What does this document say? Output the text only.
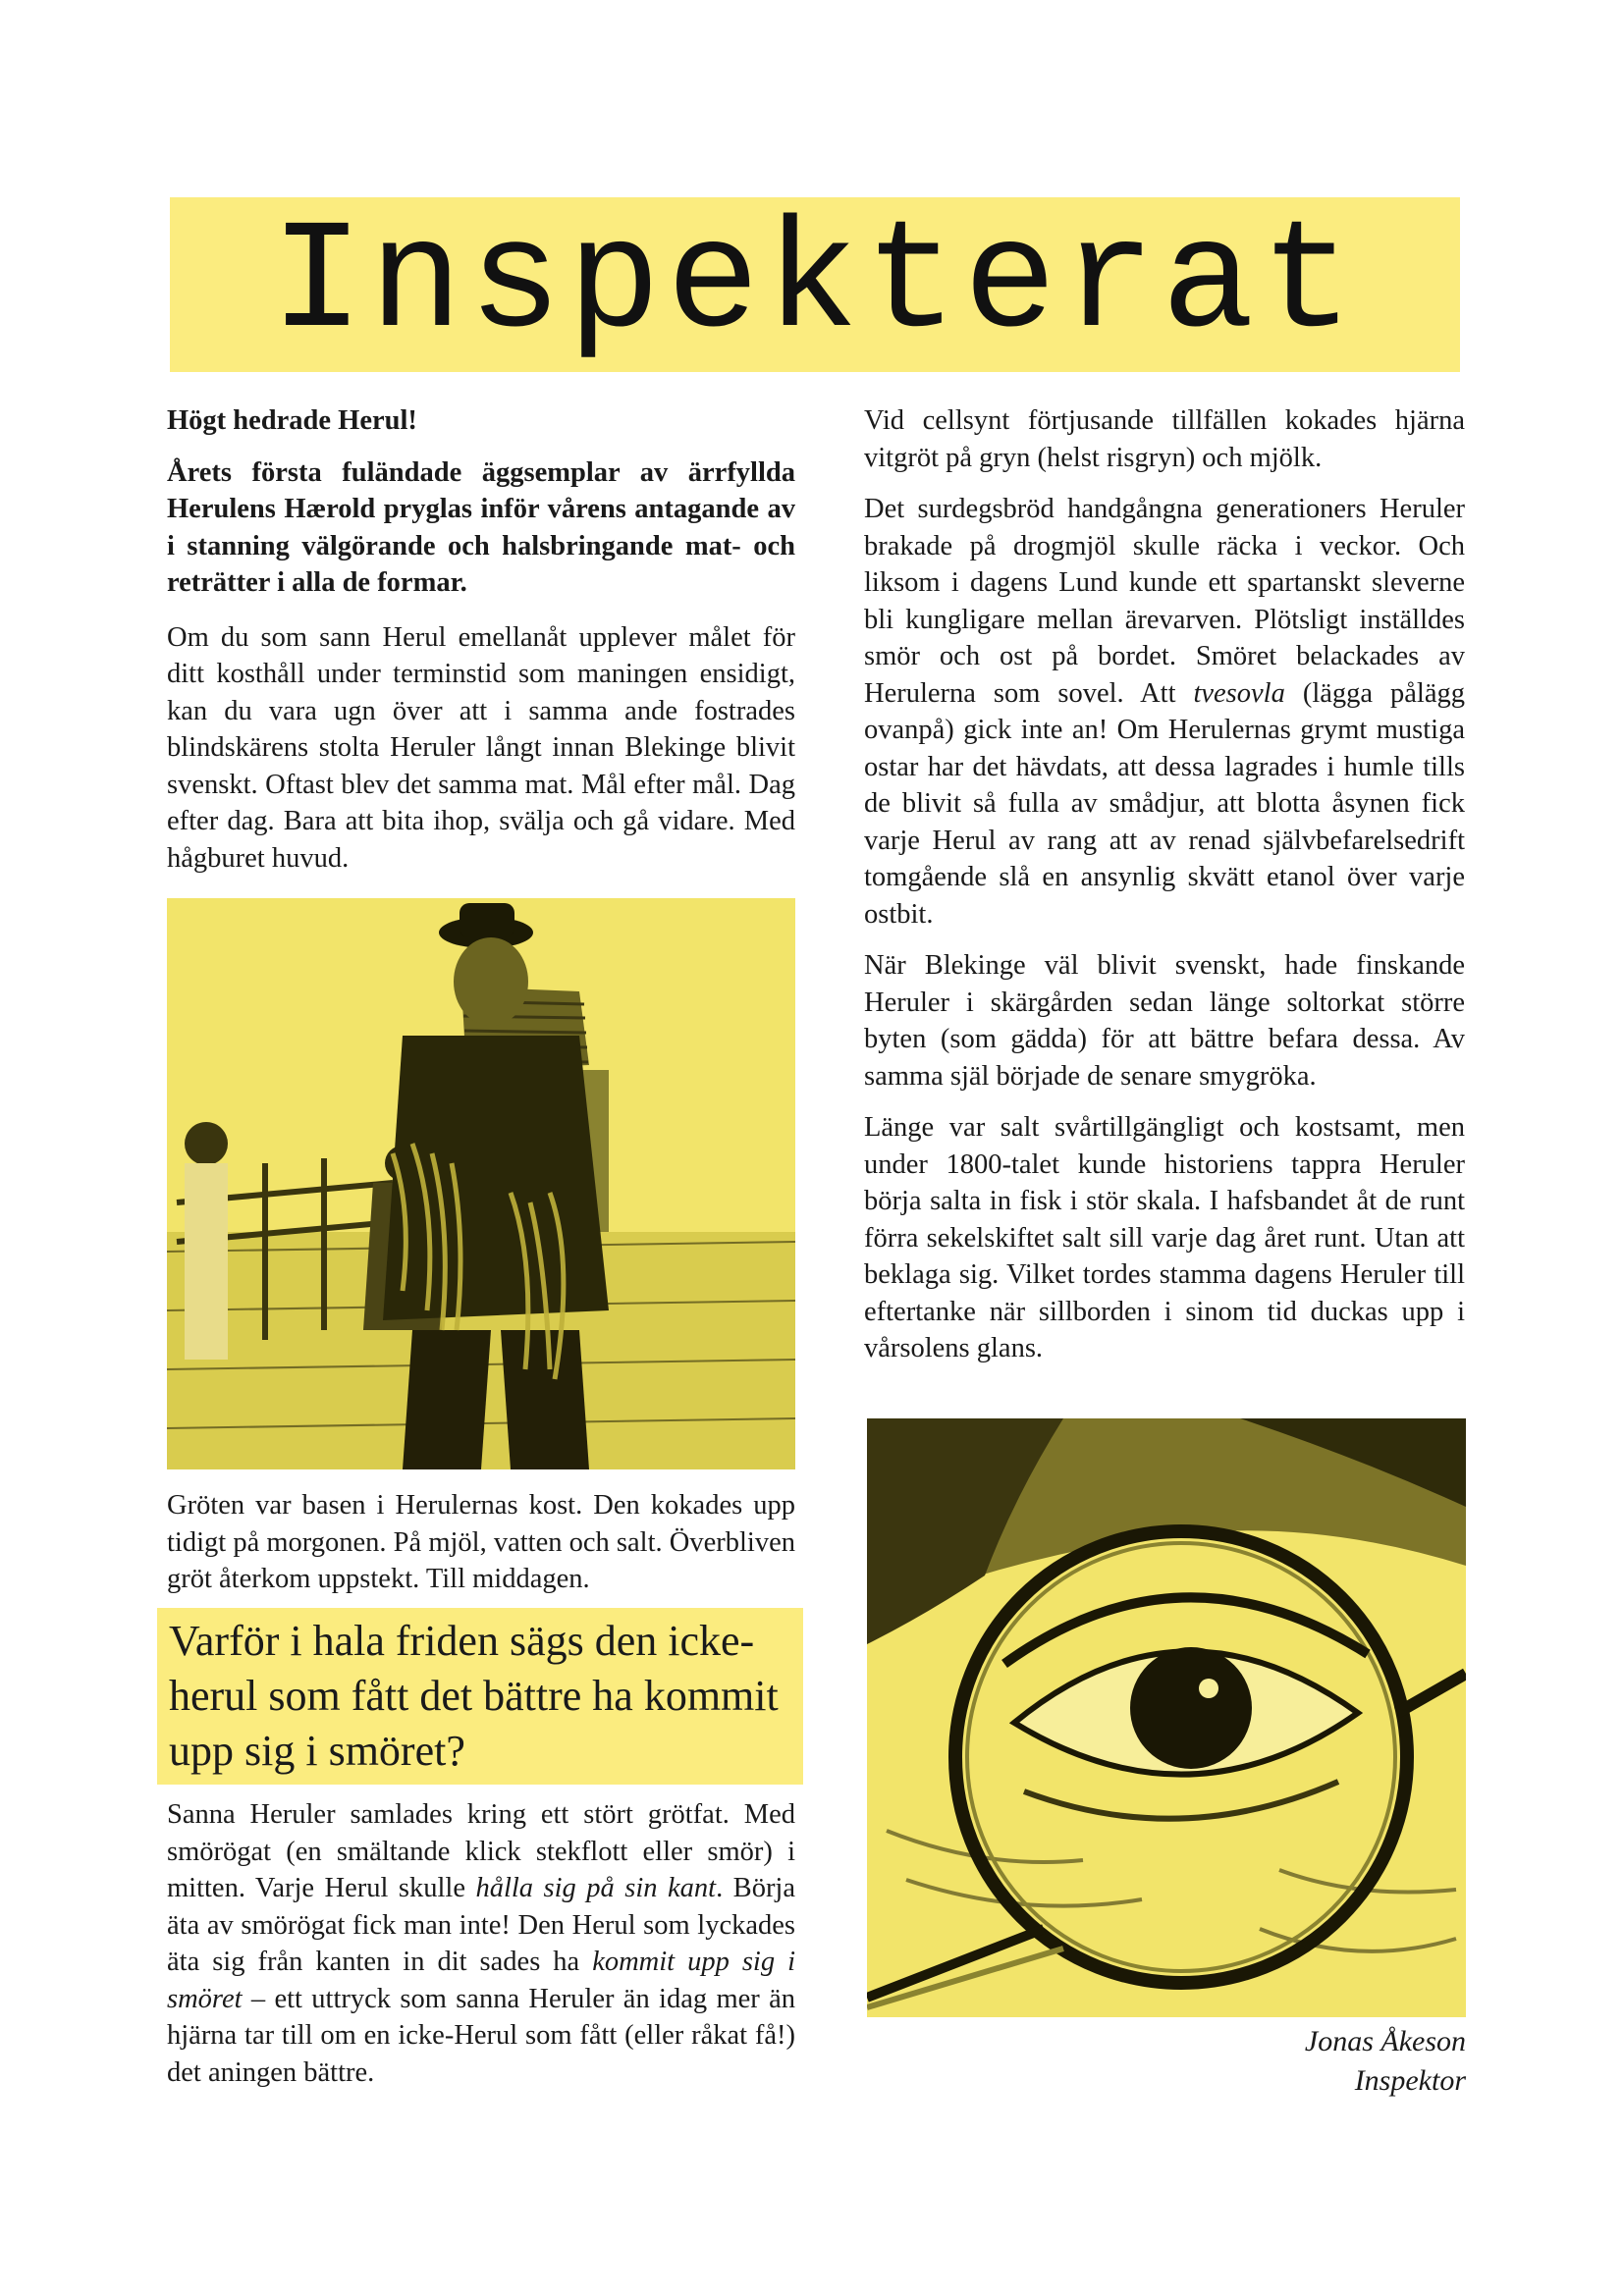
Inspekterat

Högt hedrade Herul!

Årets första fuländade äggsemplar av ärrfyllda Herulens Hærold pryglas inför vårens antagande av i stanning välgörande och halsbringande mat- och reträtter i alla de formar.

Om du som sann Herul emellanåt upplever målet för ditt kosthåll under terminstid som maningen ensidigt, kan du vara ugn över att i samma ande fostrades blindskärens stolta Heruler långt innan Blekinge blivit svenskt. Oftast blev det samma mat. Mål efter mål. Dag efter dag. Bara att bita ihop, svälja och gå vidare. Med hågburet huvud.

Gröten var basen i Herulernas kost. Den kokades upp tidigt på morgonen. På mjöl, vatten och salt. Överbliven gröt återkom uppstekt. Till middagen.

Varför i hala friden sägs den icke-herul som fått det bättre ha kommit upp sig i smöret?

Sanna Heruler samlades kring ett stört grötfat. Med smörögat (en smältande klick stekflott eller smör) i mitten. Varje Herul skulle hålla sig på sin kant. Börja äta av smörögat fick man inte! Den Herul som lyckades äta sig från kanten in dit sades ha kommit upp sig i smöret – ett uttryck som sanna Heruler än idag mer än hjärna tar till om en icke-Herul som fått (eller råkat få!) det aningen bättre.

Vid cellsynt förtjusande tillfällen kokades hjärna vitgröt på gryn (helst risgryn) och mjölk.

Det surdegsbröd handgångna generationers Heruler brakade på drogmjöl skulle räcka i veckor. Och liksom i dagens Lund kunde ett spartanskt sleverne bli kungligare mellan ärevarven. Plötsligt inställdes smör och ost på bordet. Smöret belackades av Herulerna som sovel. Att tvesovla (lägga pålägg ovanpå) gick inte an! Om Herulernas grymt mustiga ostar har det hävdats, att dessa lagrades i humle tills de blivit så fulla av smådjur, att blotta åsynen fick varje Herul av rang att av renad självbefarelsedrift tomgående slå en ansynlig skvätt etanol över varje ostbit.

När Blekinge väl blivit svenskt, hade finskande Heruler i skärgården sedan länge soltorkat större byten (som gädda) för att bättre befara dessa. Av samma själ började de senare smygröka.

Länge var salt svårtillgängligt och kostsamt, men under 1800-talet kunde historiens tappra Heruler börja salta in fisk i stör skala. I hafsbandet åt de runt förra sekelskiftet salt sill varje dag året runt. Utan att beklaga sig. Vilket tordes stamma dagens Heruler till eftertanke när sillborden i sinom tid duckas upp i vårsolens glans.

Jonas Åkeson
Inspektor
